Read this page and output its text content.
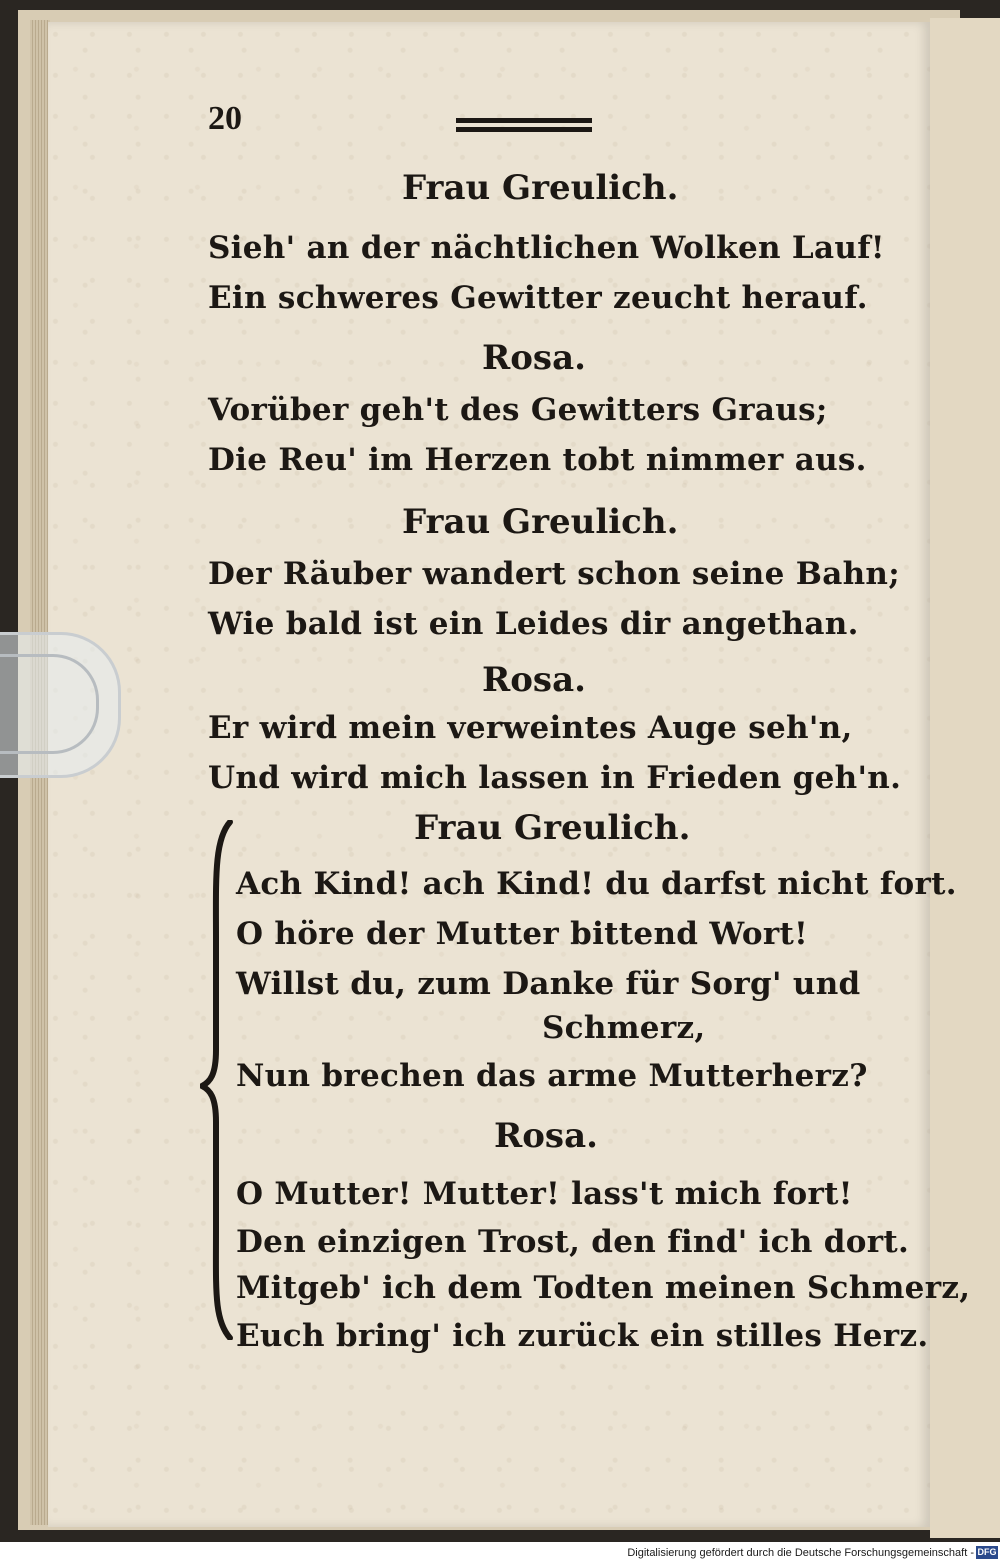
20
Frau Greulich.
Sieh' an der nächtlichen Wolken Lauf!
Ein schweres Gewitter zeucht herauf.
Rosa.
Vorüber geh't des Gewitters Graus;
Die Reu' im Herzen tobt nimmer aus.
Frau Greulich.
Der Räuber wandert schon seine Bahn;
Wie bald ist ein Leides dir angethan.
Rosa.
Er wird mein verweintes Auge seh'n,
Und wird mich lassen in Frieden geh'n.
Frau Greulich.
Ach Kind! ach Kind! du darfst nicht fort.
O höre der Mutter bittend Wort!
Willst du, zum Danke für Sorg' und
Schmerz,
Nun brechen das arme Mutterherz?
Rosa.
O Mutter! Mutter! lass't mich fort!
Den einzigen Trost, den find' ich dort.
Mitgeb' ich dem Todten meinen Schmerz,
Euch bring' ich zurück ein stilles Herz.
Digitalisierung gefördert durch die Deutsche Forschungsgemeinschaft - DFG
